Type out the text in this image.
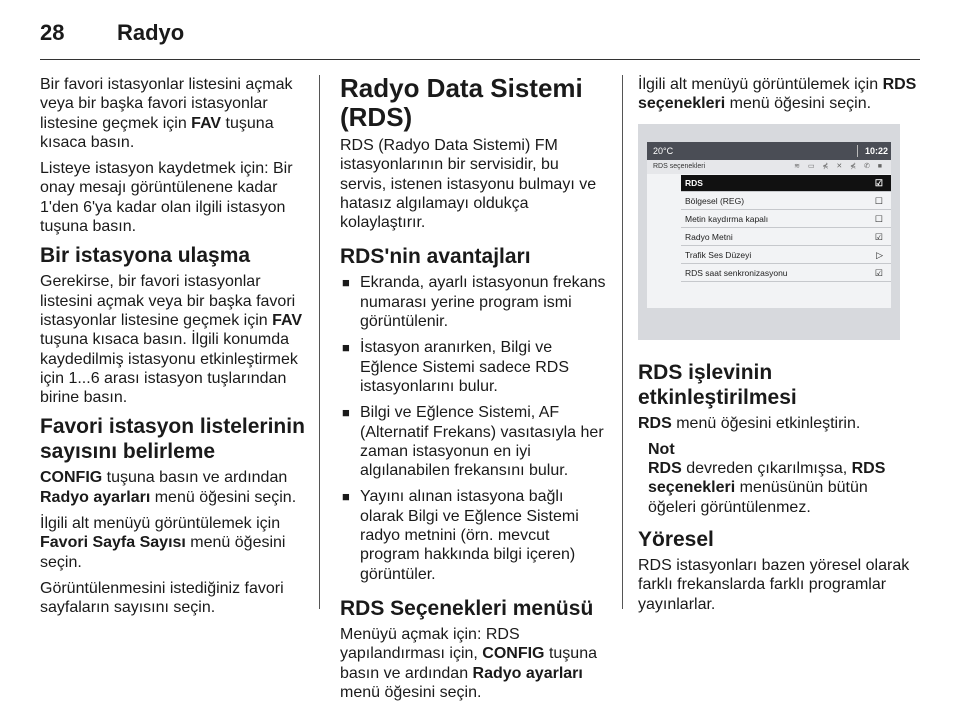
28 Radyo

Bir favori istasyonlar listesini açmak veya bir başka favori istasyonlar listesine geçmek için FAV tuşuna kısaca basın.

Listeye istasyon kaydetmek için: Bir onay mesajı görüntülenene kadar 1'den 6'ya kadar olan ilgili istasyon tuşuna basın.

Bir istasyona ulaşma

Gerekirse, bir favori istasyonlar listesini açmak veya bir başka favori istasyonlar listesine geçmek için FAV tuşuna kısaca basın. İlgili konumda kaydedilmiş istasyonu etkinleştirmek için 1...6 arası istasyon tuşlarından birine basın.

Favori istasyon listelerinin sayısını belirleme

CONFIG tuşuna basın ve ardından Radyo ayarları menü öğesini seçin.

İlgili alt menüyü görüntülemek için Favori Sayfa Sayısı menü öğesini seçin.

Görüntülenmesini istediğiniz favori sayfaların sayısını seçin.

Radyo Data Sistemi (RDS)

RDS (Radyo Data Sistemi) FM istasyonlarının bir servisidir, bu servis, istenen istasyonu bulmayı ve hatasız algılamayı oldukça kolaylaştırır.

RDS'nin avantajları
■ Ekranda, ayarlı istasyonun frekans numarası yerine program ismi görüntülenir.
■ İstasyon aranırken, Bilgi ve Eğlence Sistemi sadece RDS istasyonlarını bulur.
■ Bilgi ve Eğlence Sistemi, AF (Alternatif Frekans) vasıtasıyla her zaman istasyonun en iyi algılanabilen frekansını bulur.
■ Yayını alınan istasyona bağlı olarak Bilgi ve Eğlence Sistemi radyo metnini (örn. mevcut program hakkında bilgi içeren) görüntüler.
RDS Seçenekleri menüsü

Menüyü açmak için: RDS yapılandırması için, CONFIG tuşuna basın ve ardından Radyo ayarları menü öğesini seçin.

İlgili alt menüyü görüntülemek için RDS seçenekleri menü öğesini seçin.

20°C	10:22
RDS seçenekleri	≋ ▭ ⋠ ✕ ⋠ ✆ ■
RDS	☑
Bölgesel (REG)	☐
Metin kaydırma kapalı	☐
Radyo Metni	☑
Trafik Ses Düzeyi	▷
RDS saat senkronizasyonu	☑
RDS işlevinin etkinleştirilmesi

RDS menü öğesini etkinleştirin.

Not

RDS devreden çıkarılmışsa, RDS seçenekleri menüsünün bütün öğeleri görüntülenmez.

Yöresel

RDS istasyonları bazen yöresel olarak farklı frekanslarda farklı programlar yayınlarlar.
